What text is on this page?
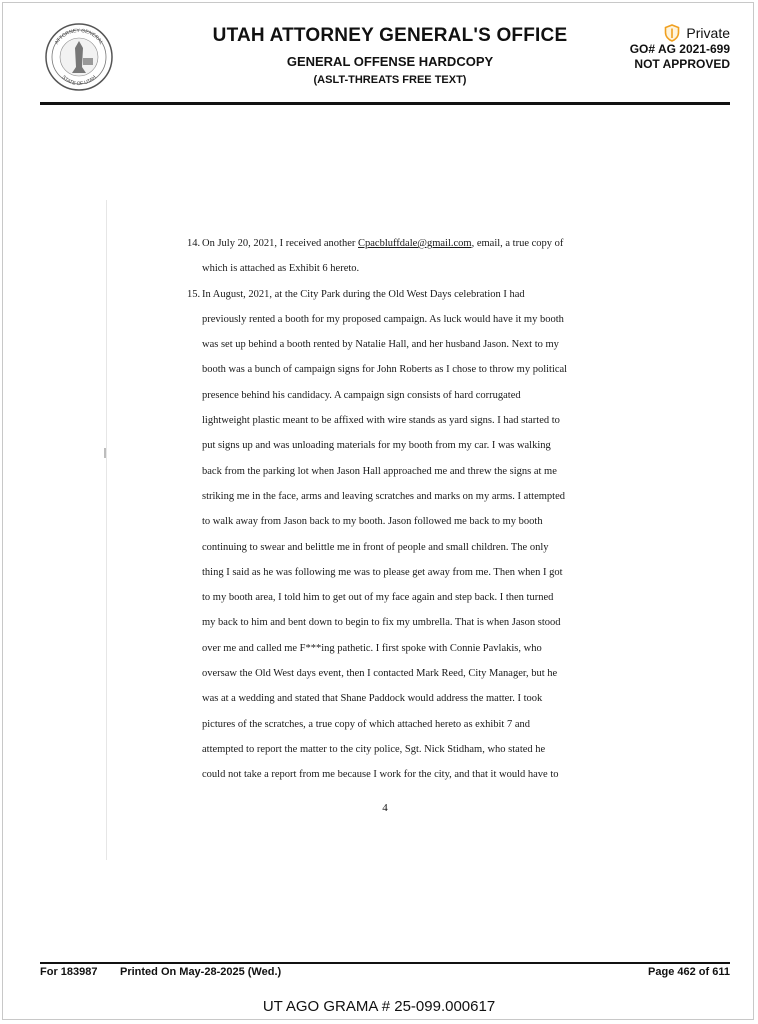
ATTORNEY GENERAL
STATE OF UTAH
UTAH ATTORNEY GENERAL'S OFFICE
GENERAL OFFENSE HARDCOPY
(ASLT-THREATS FREE TEXT)
Private
GO# AG 2021-699
NOT APPROVED
14. On July 20, 2021, I received another Cpacbluffdale@gmail.com, email, a true copy of
which is attached as Exhibit 6 hereto.
15. In August, 2021, at the City Park during the Old West Days celebration I had
previously rented a booth for my proposed campaign. As luck would have it my booth
was set up behind a booth rented by Natalie Hall, and her husband Jason. Next to my
booth was a bunch of campaign signs for John Roberts as I chose to throw my political
presence behind his candidacy. A campaign sign consists of hard corrugated
lightweight plastic meant to be affixed with wire stands as yard signs. I had started to
put signs up and was unloading materials for my booth from my car. I was walking
back from the parking lot when Jason Hall approached me and threw the signs at me
striking me in the face, arms and leaving scratches and marks on my arms. I attempted
to walk away from Jason back to my booth. Jason followed me back to my booth
continuing to swear and belittle me in front of people and small children. The only
thing I said as he was following me was to please get away from me. Then when I got
to my booth area, I told him to get out of my face again and step back. I then turned
my back to him and bent down to begin to fix my umbrella. That is when Jason stood
over me and called me F***ing pathetic. I first spoke with Connie Pavlakis, who
oversaw the Old West days event, then I contacted Mark Reed, City Manager, but he
was at a wedding and stated that Shane Paddock would address the matter. I took
pictures of the scratches, a true copy of which attached hereto as exhibit 7 and
attempted to report the matter to the city police, Sgt. Nick Stidham, who stated he
could not take a report from me because I work for the city, and that it would have to
4
For 183987 Printed On May-28-2025 (Wed.)	Page 462 of 611
UT AGO GRAMA # 25-099.000617
